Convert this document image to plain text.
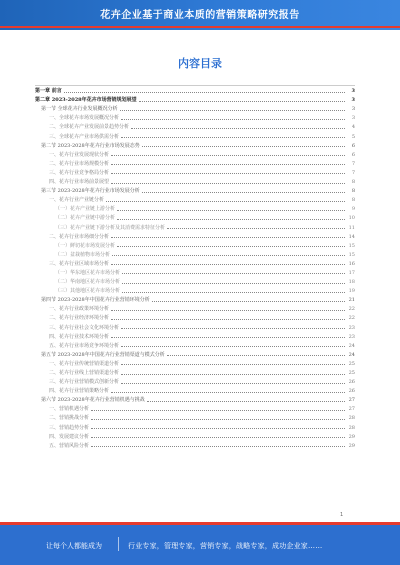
花卉企业基于商业本质的营销策略研究报告
内容目录
第一章 前言	3
第二章 2023-2028年花卉市场营销规划展望	3
第一节 全球花卉行业发展概况分析	3
一、全球花卉市场发展概况分析	3
二、全球花卉产业发展前景趋势分析	4
三、全球花卉产业市场供需分析	5
第二节 2023-2028年花卉行业市场发展态势	6
一、花卉行业发展现状分析	6
二、花卉行业市场规模分析	7
三、花卉行业竞争格局分析	7
四、花卉行业市场前景展望	8
第三节 2023-2028年花卉行业市场发展分析	8
一、花卉行业产业链分析	8
（一）花卉产业链上游分析	9
（二）花卉产业链中游分析	10
（三）花卉产业链下游分析及其消费需求特征分析	11
二、花卉行业市场细分分析	14
（一）鲜切花市场发展分析	15
（二）盆栽植物市场分析	15
三、花卉行业区域市场分析	16
（一）华东地区花卉市场分析	17
（二）华南地区花卉市场分析	18
（三）其他地区花卉市场分析	19
第四节 2023-2028年中国花卉行业营销环境分析	21
一、花卉行业政策环境分析	22
二、花卉行业经济环境分析	22
三、花卉行业社会文化环境分析	23
四、花卉行业技术环境分析	23
五、花卉行业市场竞争环境分析	24
第五节 2023-2028年中国花卉行业营销渠道与模式分析	24
一、花卉行业传统营销渠道分析	25
二、花卉行业线上营销渠道分析	25
三、花卉行业营销模式创新分析	26
四、花卉行业营销策略分析	26
第六节 2023-2028年花卉行业营销机遇与挑战	27
一、营销机遇分析	27
二、营销挑战分析	28
三、营销趋势分析	28
四、发展建议分析	29
五、营销风险分析	29
1
让每个人都能成为	行业专家，管理专家，营销专家，战略专家，成功企业家……
